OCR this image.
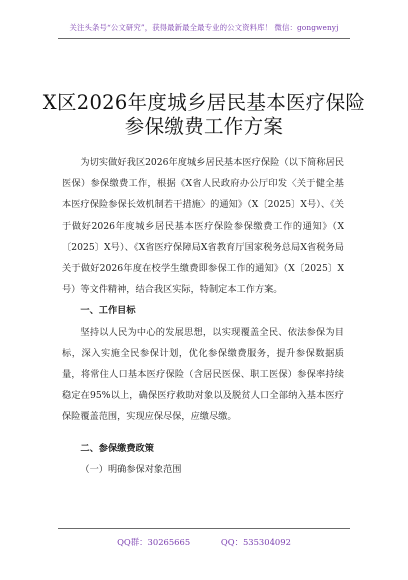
关注头条号“公文研究”，获得最新最全最专业的公文资料库！ 微信：gongwenyj
X区2026年度城乡居民基本医疗保险参保缴费工作方案

为切实做好我区2026年度城乡居民基本医疗保险（以下简称居民医保）参保缴费工作，根据《X省人民政府办公厅印发〈关于健全基本医疗保险参保长效机制若干措施〉的通知》（X〔2025〕X号）、《关于做好2026年度城乡居民基本医疗保险参保缴费工作的通知》（X〔2025〕X号）、《X省医疗保障局X省教育厅国家税务总局X省税务局关于做好2026年度在校学生缴费即参保工作的通知》（X〔2025〕X号）等文件精神，结合我区实际，特制定本工作方案。

一、工作目标

坚持以人民为中心的发展思想，以实现覆盖全民、依法参保为目标，深入实施全民参保计划，优化参保缴费服务，提升参保数据质量，将常住人口基本医疗保险（含居民医保、职工医保）参保率持续稳定在95%以上，确保医疗救助对象以及脱贫人口全部纳入基本医疗保险覆盖范围，实现应保尽保，应缴尽缴。

二、参保缴费政策
（一）明确参保对象范围
QQ群：30265665	QQ：535304092
